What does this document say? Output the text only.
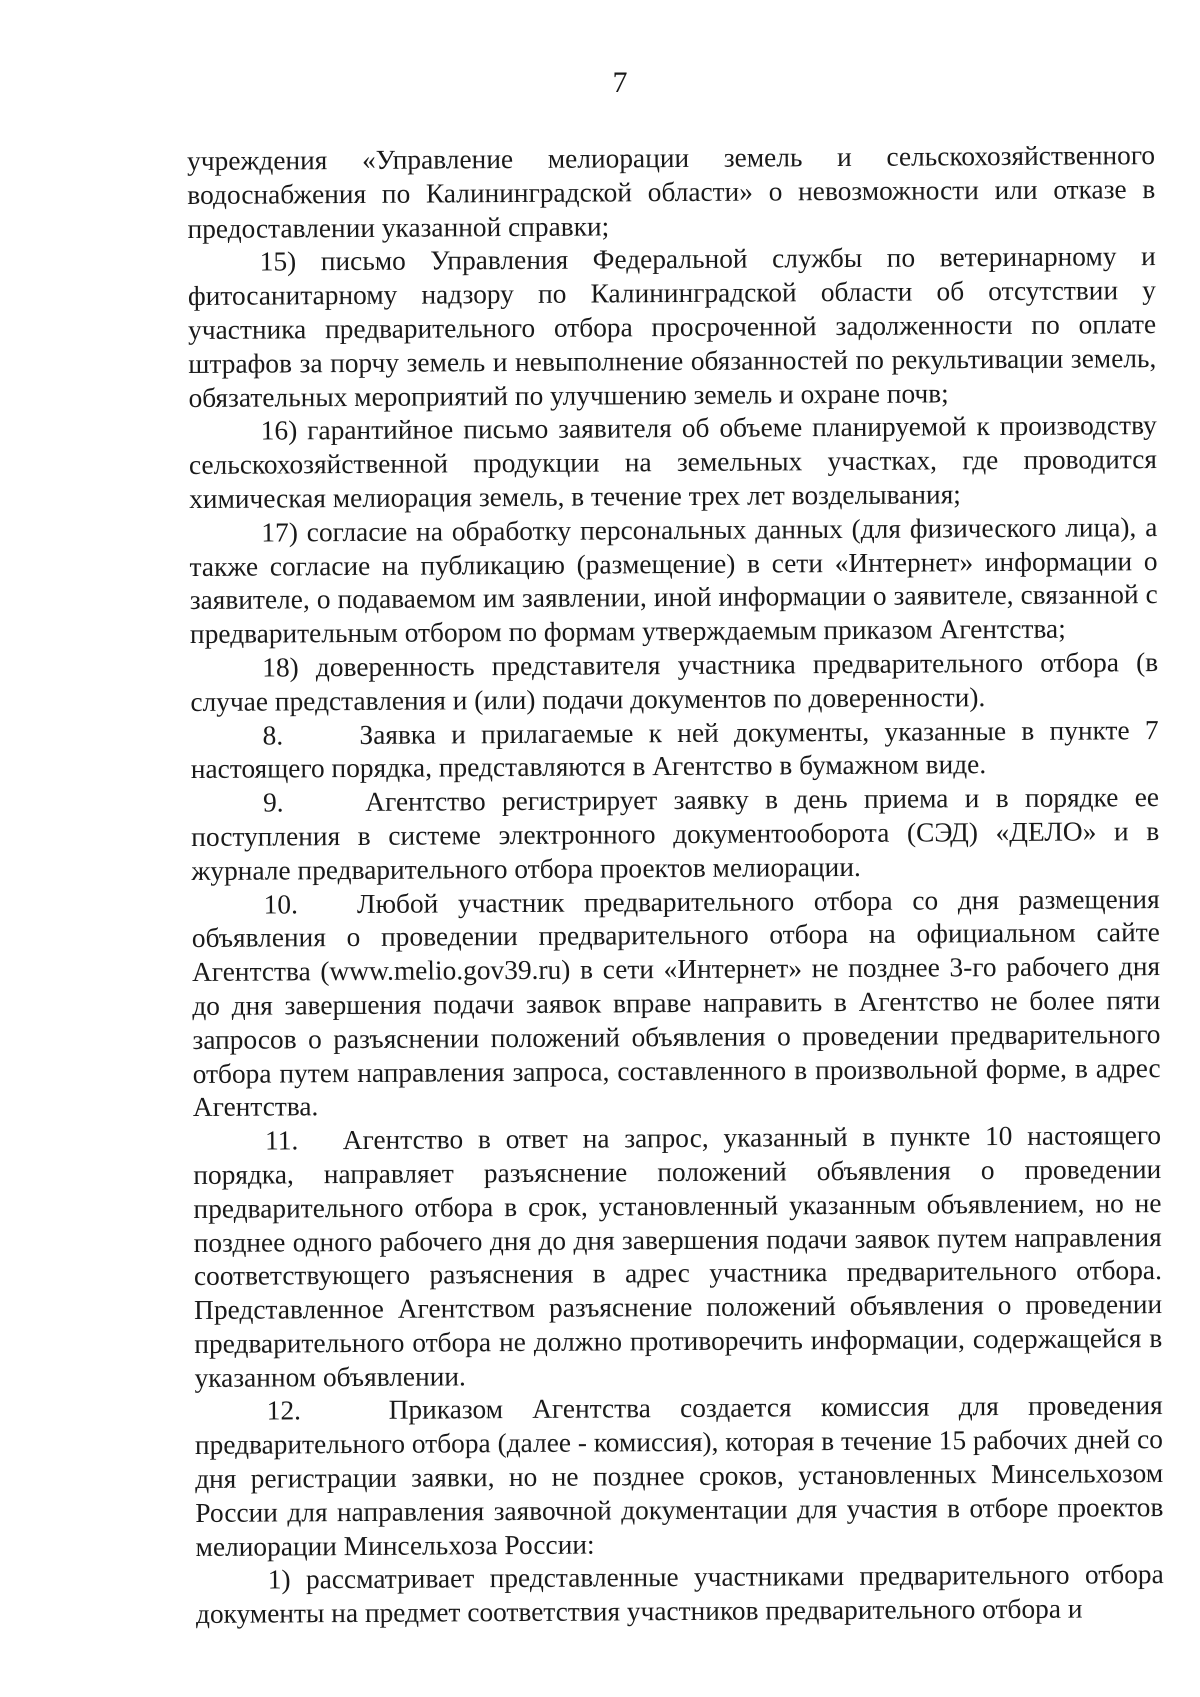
7

учреждения «Управление мелиорации земель и сельскохозяйственного водоснабжения по Калининградской области» о невозможности или отказе в предоставлении указанной справки;

15) письмо Управления Федеральной службы по ветеринарному и фитосанитарному надзору по Калининградской области об отсутствии у участника предварительного отбора просроченной задолженности по оплате штрафов за порчу земель и невыполнение обязанностей по рекультивации земель, обязательных мероприятий по улучшению земель и охране почв;

16) гарантийное письмо заявителя об объеме планируемой к производству сельскохозяйственной продукции на земельных участках, где проводится химическая мелиорация земель, в течение трех лет возделывания;

17) согласие на обработку персональных данных (для физического лица), а также согласие на публикацию (размещение) в сети «Интернет» информации о заявителе, о подаваемом им заявлении, иной информации о заявителе, связанной с предварительным отбором по формам утверждаемым приказом Агентства;

18) доверенность представителя участника предварительного отбора (в случае представления и (или) подачи документов по доверенности).

8.     Заявка и прилагаемые к ней документы, указанные в пункте 7 настоящего порядка, представляются в Агентство в бумажном виде.

9.     Агентство регистрирует заявку в день приема и в порядке ее поступления в системе электронного документооборота (СЭД) «ДЕЛО» и в журнале предварительного отбора проектов мелиорации.

10.   Любой участник предварительного отбора со дня размещения объявления о проведении предварительного отбора на официальном сайте Агентства (www.melio.gov39.ru) в сети «Интернет» не позднее 3-го рабочего дня до дня завершения подачи заявок вправе направить в Агентство не более пяти запросов о разъяснении положений объявления о проведении предварительного отбора путем направления запроса, составленного в произвольной форме, в адрес Агентства.

11.   Агентство в ответ на запрос, указанный в пункте 10 настоящего порядка, направляет разъяснение положений объявления о проведении предварительного отбора в срок, установленный указанным объявлением, но не позднее одного рабочего дня до дня завершения подачи заявок путем направления соответствующего разъяснения в адрес участника предварительного отбора. Представленное Агентством разъяснение положений объявления о проведении предварительного отбора не должно противоречить информации, содержащейся в указанном объявлении.

12.   Приказом Агентства создается комиссия для проведения предварительного отбора (далее - комиссия), которая в течение 15 рабочих дней со дня регистрации заявки, но не позднее сроков, установленных Минсельхозом России для направления заявочной документации для участия в отборе проектов мелиорации Минсельхоза России:

1) рассматривает представленные участниками предварительного отбора документы на предмет соответствия участников предварительного отбора и
